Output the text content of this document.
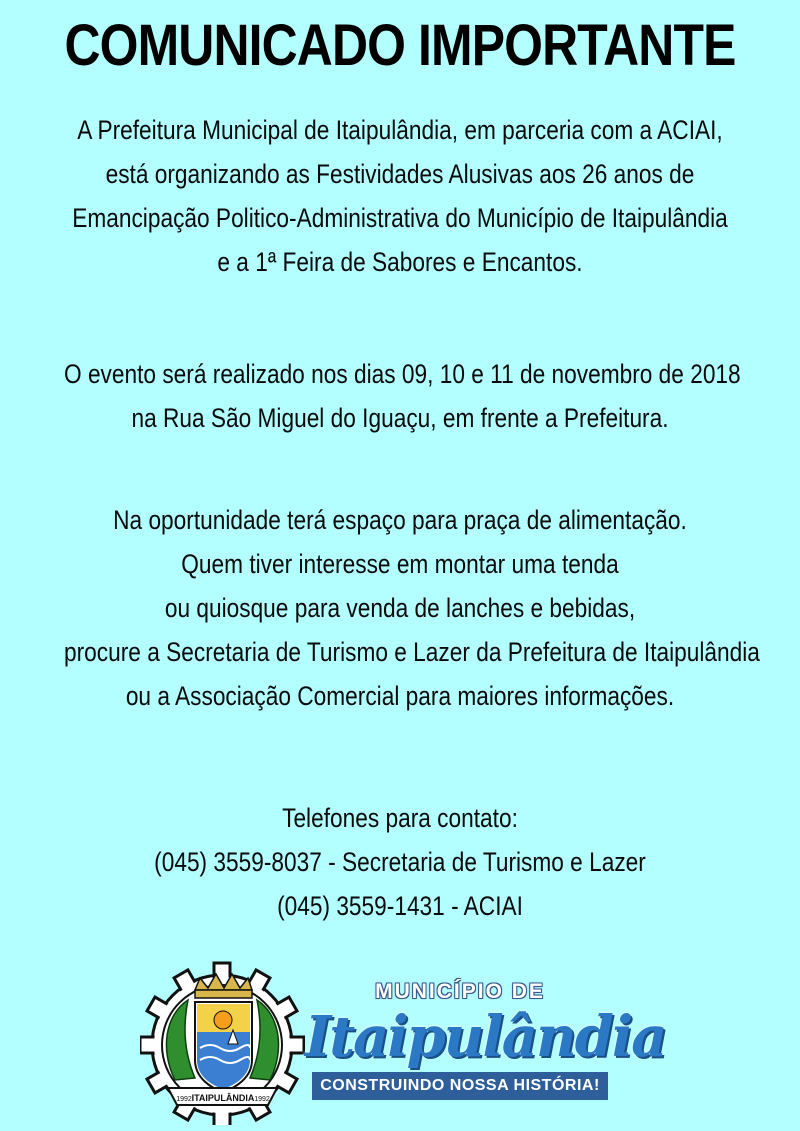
COMUNICADO IMPORTANTE
A Prefeitura Municipal de Itaipulândia, em parceria com a ACIAI,
está organizando as Festividades Alusivas aos 26 anos de
Emancipação Politico-Administrativa do Município de Itaipulândia
e a 1ª Feira de Sabores e Encantos.
O evento será realizado nos dias 09, 10 e 11 de novembro de 2018
na Rua São Miguel do Iguaçu, em frente a Prefeitura.
Na oportunidade terá espaço para praça de alimentação.
Quem tiver interesse em montar uma tenda
ou quiosque para venda de lanches e bebidas,
procure a Secretaria de Turismo e Lazer da Prefeitura de Itaipulândia
ou a Associação Comercial para maiores informações.
Telefones para contato:
(045) 3559-8037 - Secretaria de Turismo e Lazer
(045) 3559-1431 - ACIAI
ITAIPULÂNDIA
1992	1992
MUNICÍPIO DE
Itaipulândia
CONSTRUINDO NOSSA HISTÓRIA!
